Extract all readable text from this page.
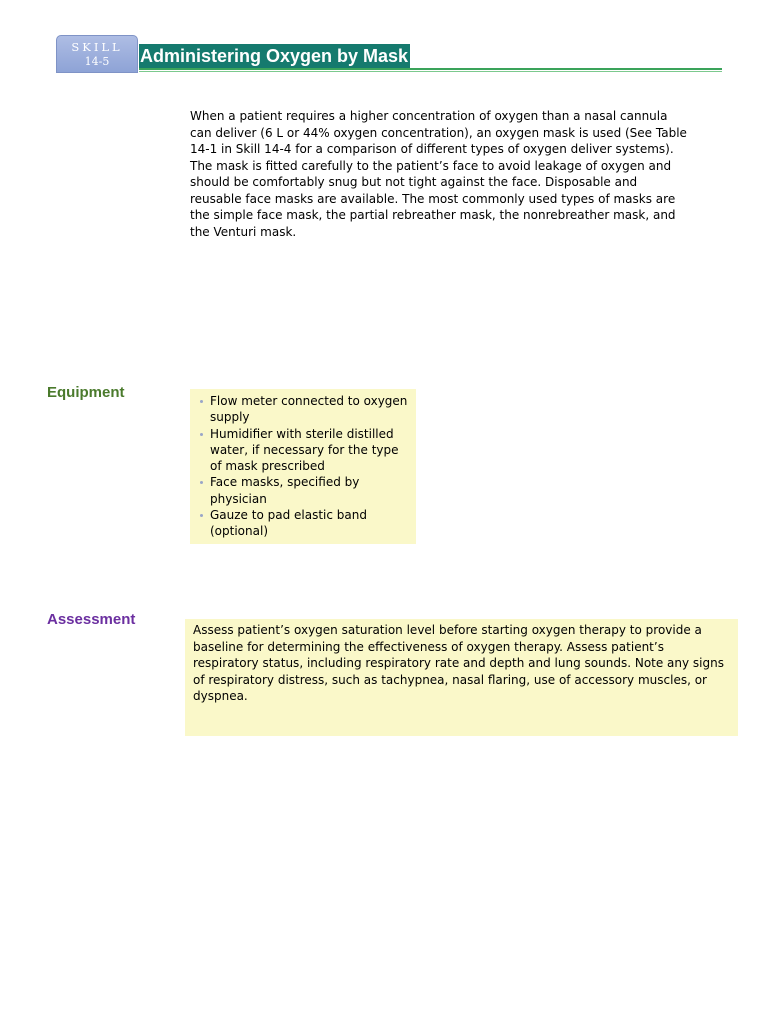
SKILL
14-5	Administering Oxygen by Mask

When a patient requires a higher concentration of oxygen than a nasal cannula can deliver (6 L or 44% oxygen concentration), an oxygen mask is used (See Table 14-1 in Skill 14-4 for a comparison of different types of oxygen deliver systems). The mask is fitted carefully to the patient’s face to avoid leakage of oxygen and should be comfortably snug but not tight against the face. Disposable and reusable face masks are available. The most commonly used types of masks are the simple face mask, the partial rebreather mask, the nonrebreather mask, and the Venturi mask.

Equipment	Flow meter connected to oxygen supply
Humidifier with sterile distilled water, if necessary for the type of mask prescribed
Face masks, specified by physician
Gauze to pad elastic band (optional)
Assessment

Assess patient’s oxygen saturation level before starting oxygen therapy to provide a baseline for determining the effectiveness of oxygen therapy. Assess patient’s respiratory status, including respiratory rate and depth and lung sounds. Note any signs of respiratory distress, such as tachypnea, nasal flaring, use of accessory muscles, or dyspnea.
